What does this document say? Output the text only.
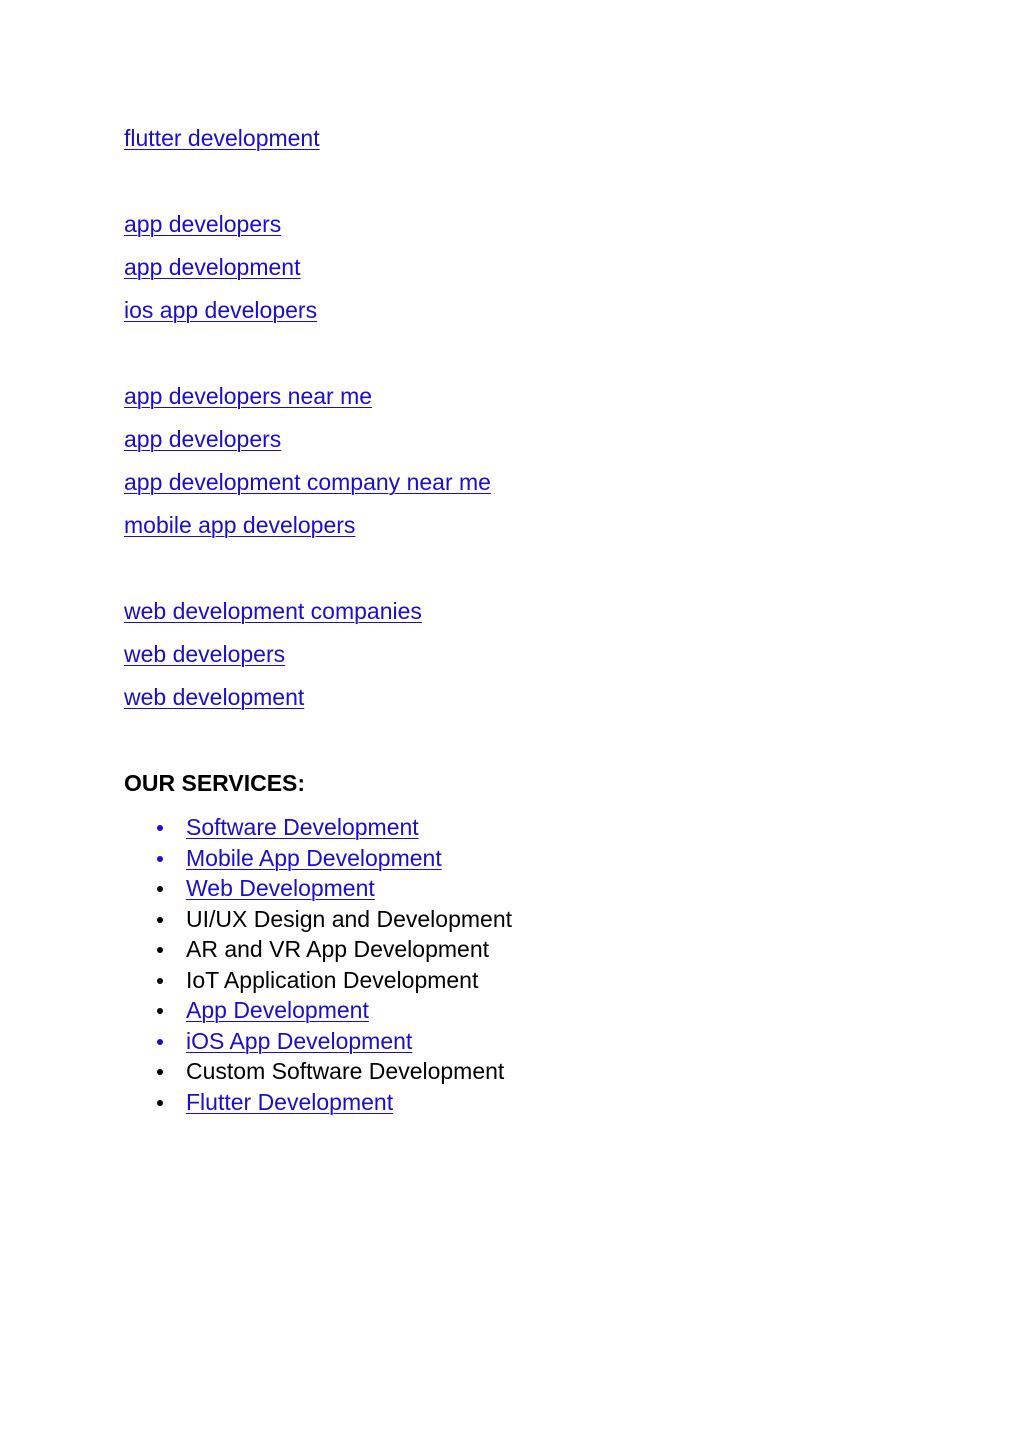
flutter development
app developers
app development
ios app developers
app developers near me
app developers
app development company near me
mobile app developers
web development companies
web developers
web development
OUR SERVICES:
Software Development
Mobile App Development
Web Development
UI/UX Design and Development
AR and VR App Development
IoT Application Development
App Development
iOS App Development
Custom Software Development
Flutter Development
